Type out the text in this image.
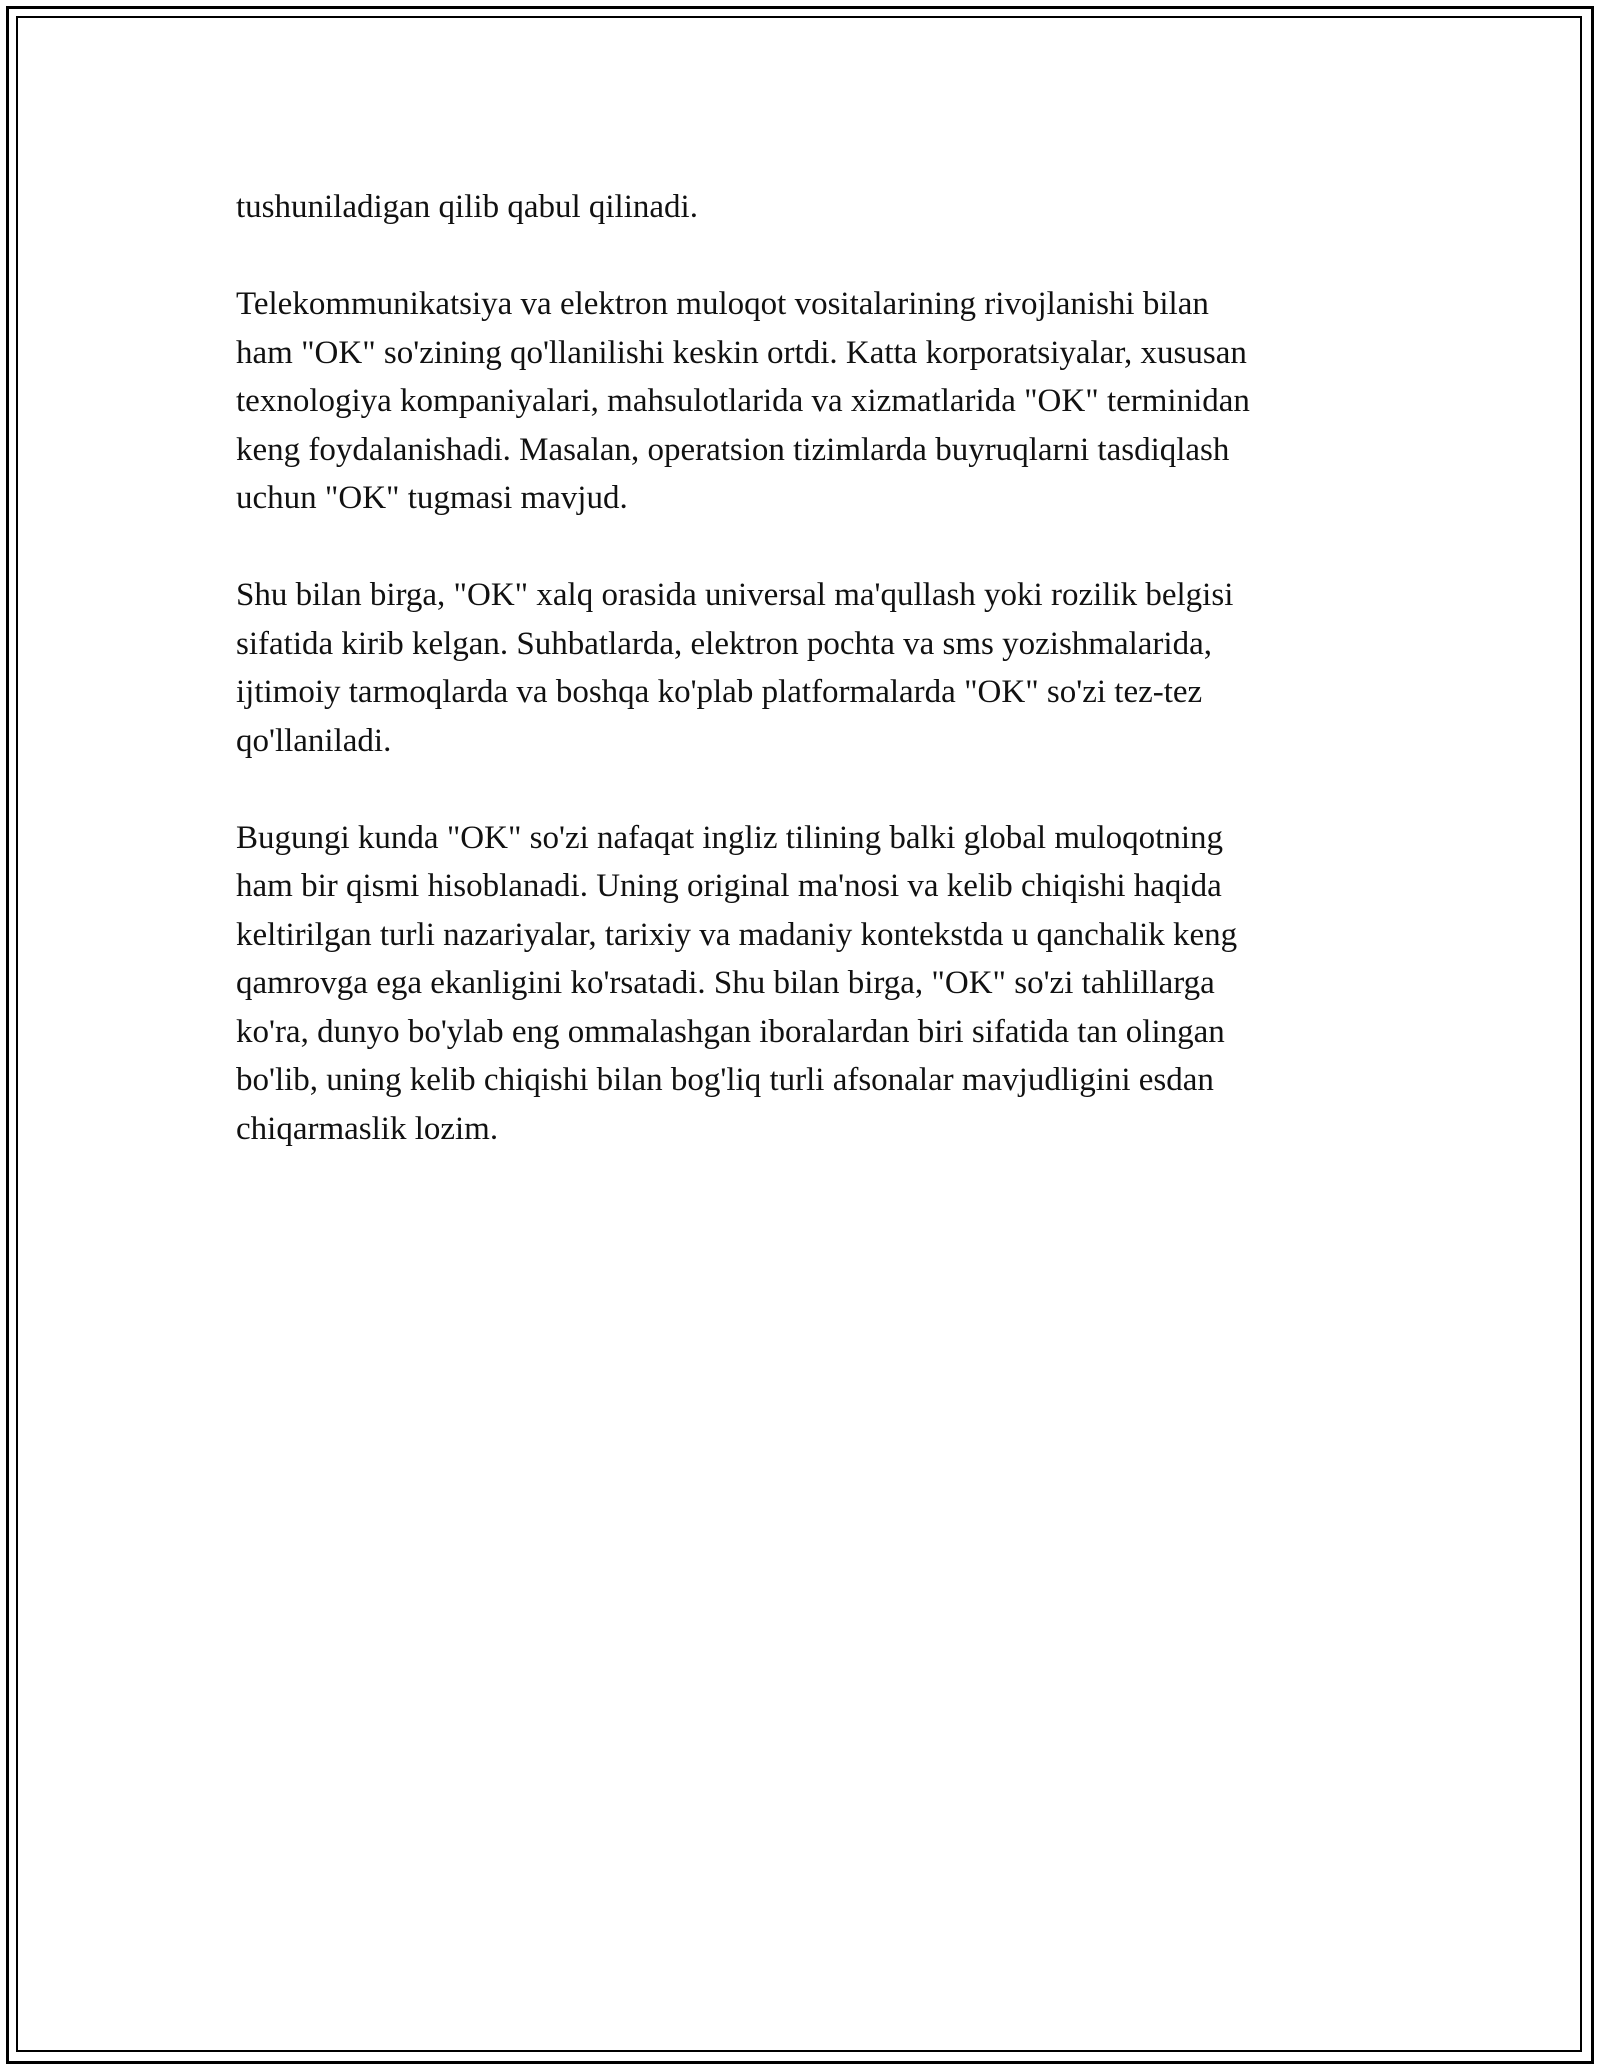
tushuniladigan qilib qabul qilinadi.

Telekommunikatsiya va elektron muloqot vositalarining rivojlanishi bilan
ham "OK" so'zining qo'llanilishi keskin ortdi. Katta korporatsiyalar, xususan
texnologiya kompaniyalari, mahsulotlarida va xizmatlarida "OK" terminidan
keng foydalanishadi. Masalan, operatsion tizimlarda buyruqlarni tasdiqlash
uchun "OK" tugmasi mavjud.

Shu bilan birga, "OK" xalq orasida universal ma'qullash yoki rozilik belgisi
sifatida kirib kelgan. Suhbatlarda, elektron pochta va sms yozishmalarida,
ijtimoiy tarmoqlarda va boshqa ko'plab platformalarda "OK" so'zi tez-tez
qo'llaniladi.

Bugungi kunda "OK" so'zi nafaqat ingliz tilining balki global muloqotning
ham bir qismi hisoblanadi. Uning original ma'nosi va kelib chiqishi haqida
keltirilgan turli nazariyalar, tarixiy va madaniy kontekstda u qanchalik keng
qamrovga ega ekanligini ko'rsatadi. Shu bilan birga, "OK" so'zi tahlillarga
ko'ra, dunyo bo'ylab eng ommalashgan iboralardan biri sifatida tan olingan
bo'lib, uning kelib chiqishi bilan bog'liq turli afsonalar mavjudligini esdan
chiqarmaslik lozim.
